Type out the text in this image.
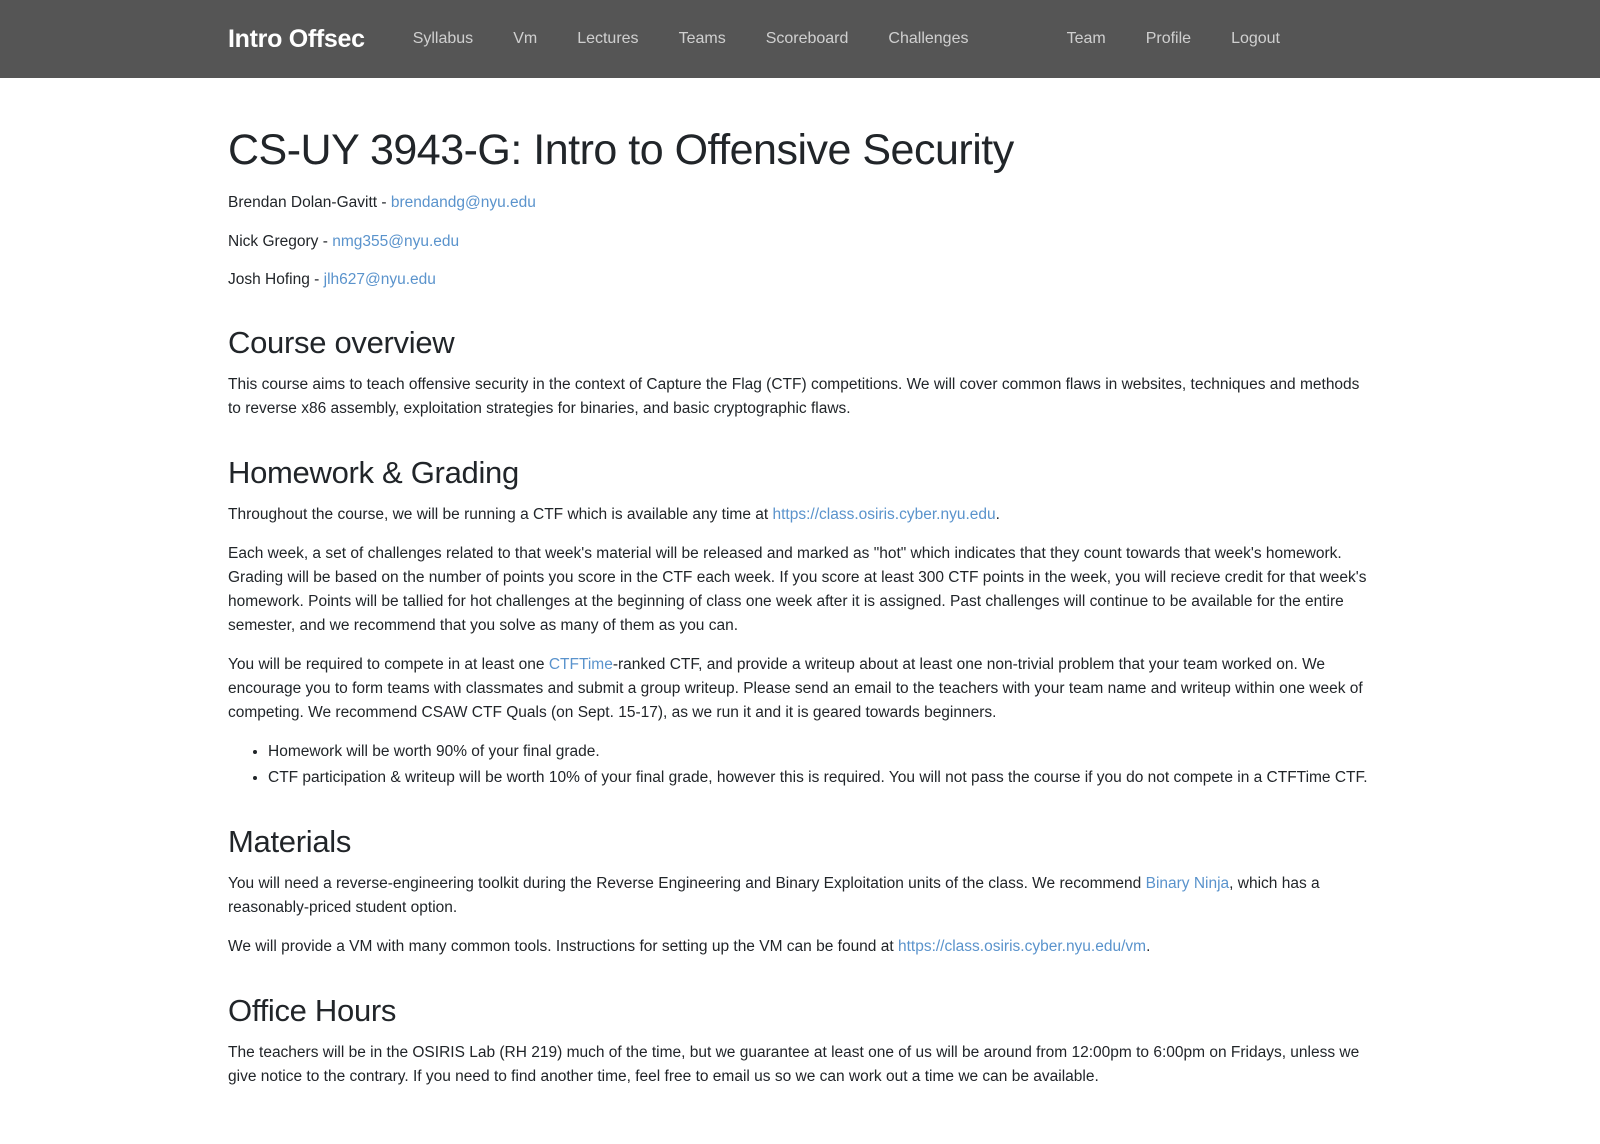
Intro Offsec	Syllabus	Vm	Lectures	Teams	Scoreboard	Challenges	Team	Profile	Logout
CS-UY 3943-G: Intro to Offensive Security

Brendan Dolan-Gavitt - brendandg@nyu.edu

Nick Gregory - nmg355@nyu.edu

Josh Hofing - jlh627@nyu.edu

Course overview

This course aims to teach offensive security in the context of Capture the Flag (CTF) competitions. We will cover common flaws in websites, techniques and methods to reverse x86 assembly, exploitation strategies for binaries, and basic cryptographic flaws.

Homework & Grading

Throughout the course, we will be running a CTF which is available any time at https://class.osiris.cyber.nyu.edu.

Each week, a set of challenges related to that week's material will be released and marked as "hot" which indicates that they count towards that week's homework. Grading will be based on the number of points you score in the CTF each week. If you score at least 300 CTF points in the week, you will recieve credit for that week's homework. Points will be tallied for hot challenges at the beginning of class one week after it is assigned. Past challenges will continue to be available for the entire semester, and we recommend that you solve as many of them as you can.

You will be required to compete in at least one CTFTime-ranked CTF, and provide a writeup about at least one non-trivial problem that your team worked on. We encourage you to form teams with classmates and submit a group writeup. Please send an email to the teachers with your team name and writeup within one week of competing. We recommend CSAW CTF Quals (on Sept. 15-17), as we run it and it is geared towards beginners.

• Homework will be worth 90% of your final grade.
• CTF participation & writeup will be worth 10% of your final grade, however this is required. You will not pass the course if you do not compete in a CTFTime CTF.
Materials

You will need a reverse-engineering toolkit during the Reverse Engineering and Binary Exploitation units of the class. We recommend Binary Ninja, which has a reasonably-priced student option.

We will provide a VM with many common tools. Instructions for setting up the VM can be found at https://class.osiris.cyber.nyu.edu/vm.

Office Hours

The teachers will be in the OSIRIS Lab (RH 219) much of the time, but we guarantee at least one of us will be around from 12:00pm to 6:00pm on Fridays, unless we give notice to the contrary. If you need to find another time, feel free to email us so we can work out a time we can be available.
